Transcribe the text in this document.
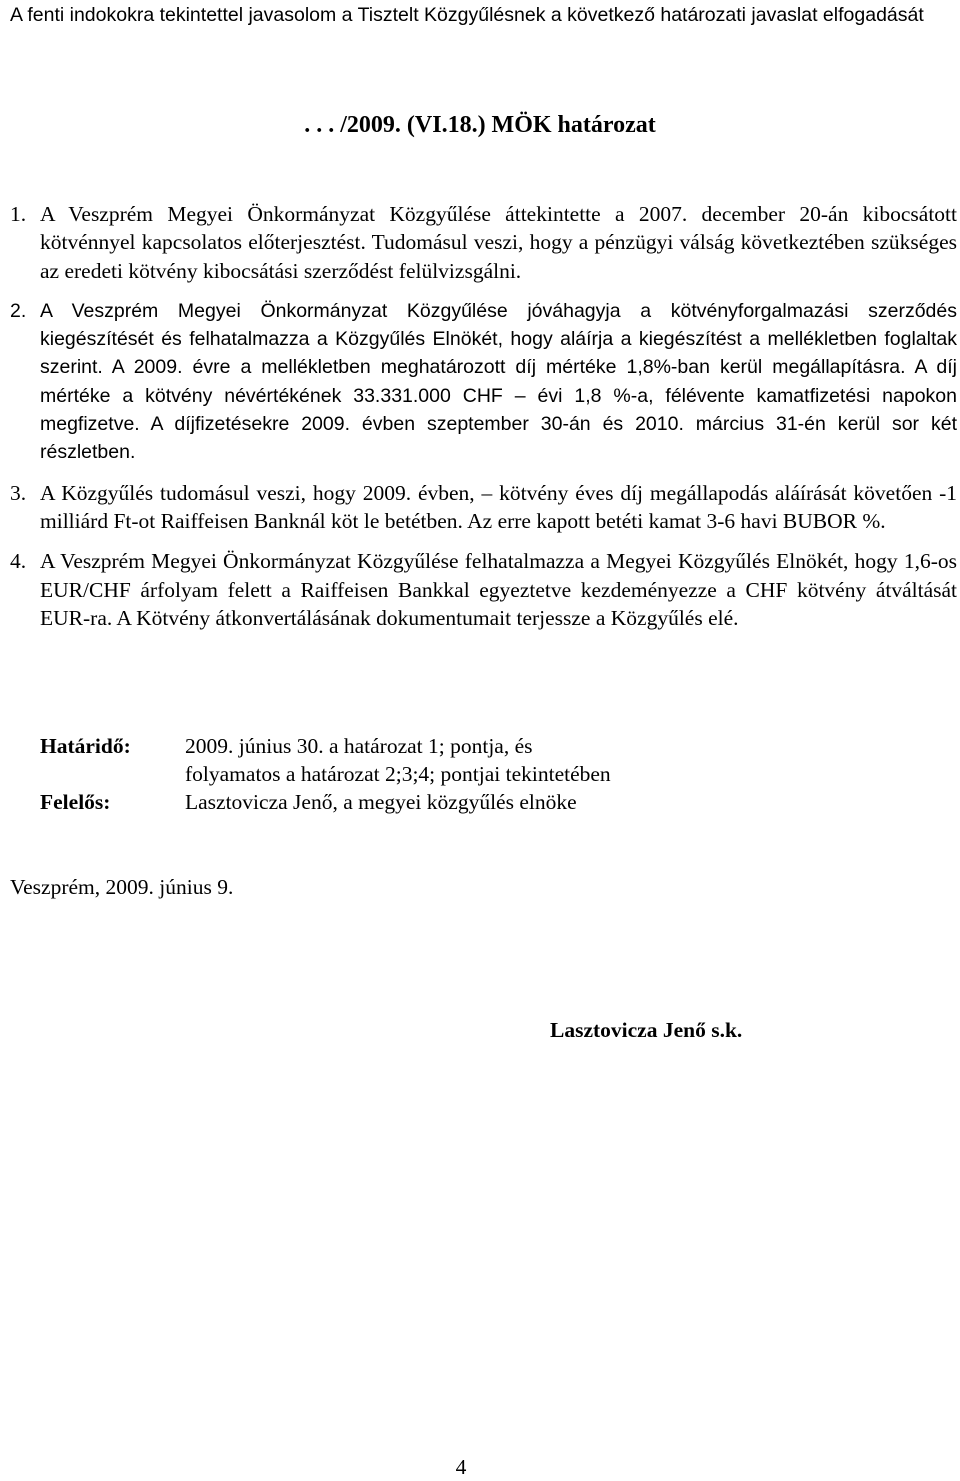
A fenti indokokra tekintettel javasolom a Tisztelt Közgyűlésnek a következő határozati javaslat elfogadását
. . . /2009. (VI.18.) MÖK határozat
1. A Veszprém Megyei Önkormányzat Közgyűlése áttekintette a 2007. december 20-án kibocsátott kötvénnyel kapcsolatos előterjesztést. Tudomásul veszi, hogy a pénzügyi válság következtében szükséges az eredeti kötvény kibocsátási szerződést felülvizsgálni.
2. A Veszprém Megyei Önkormányzat Közgyűlése jóváhagyja a kötvényforgalmazási szerződés kiegészítését és felhatalmazza a Közgyűlés Elnökét, hogy aláírja a kiegészítést a mellékletben foglaltak szerint. A 2009. évre a mellékletben meghatározott díj mértéke 1,8%-ban kerül megállapításra. A díj mértéke a kötvény névértékének 33.331.000 CHF – évi 1,8 %-a, félévente kamatfizetési napokon megfizetve. A díjfizetésekre 2009. évben szeptember 30-án és 2010. március 31-én kerül sor két részletben.
3. A Közgyűlés tudomásul veszi, hogy 2009. évben, – kötvény éves díj megállapodás aláírását követően -1 milliárd Ft-ot Raiffeisen Banknál köt le betétben. Az erre kapott betéti kamat 3-6 havi BUBOR %.
4. A Veszprém Megyei Önkormányzat Közgyűlése felhatalmazza a Megyei Közgyűlés Elnökét, hogy 1,6-os EUR/CHF árfolyam felett a Raiffeisen Bankkal egyeztetve kezdeményezze a CHF kötvény átváltását EUR-ra. A Kötvény átkonvertálásának dokumentumait terjessze a Közgyűlés elé.
Határidő:	2009. június 30. a határozat 1; pontja, és
folyamatos a határozat 2;3;4; pontjai tekintetében
Felelős:	Lasztovicza Jenő, a megyei közgyűlés elnöke
Veszprém, 2009. június 9.
Lasztovicza Jenő s.k.
4
